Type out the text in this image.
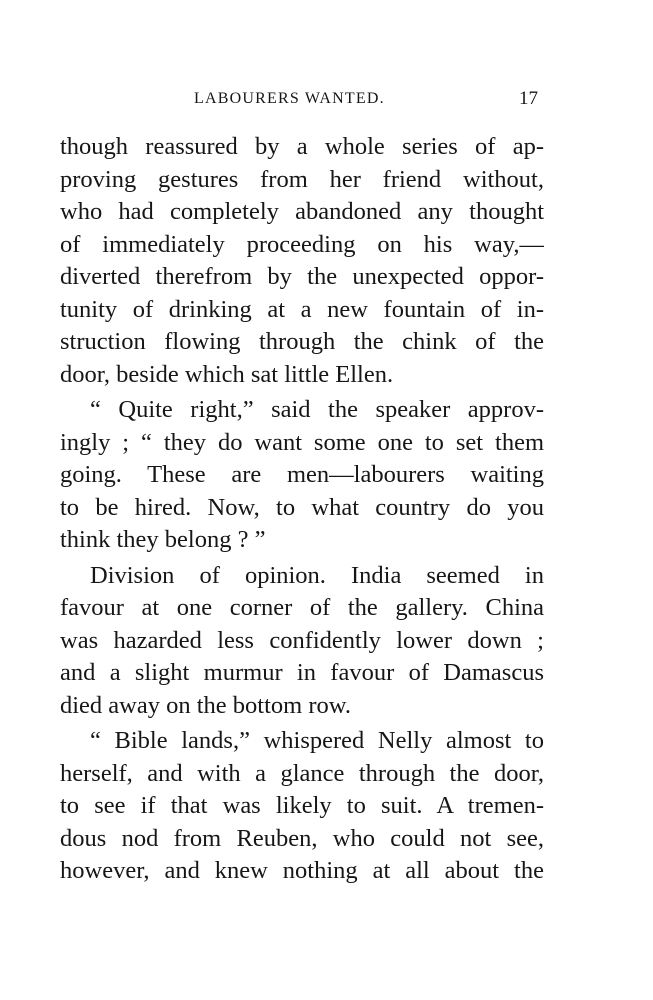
LABOURERS WANTED.	17

though reassured by a whole series of ap-
proving gestures from her friend without,
who had completely abandoned any thought
of immediately proceeding on his way,—
diverted therefrom by the unexpected oppor-
tunity of drinking at a new fountain of in-
struction flowing through the chink of the
door, beside which sat little Ellen.

“ Quite right,” said the speaker approv-
ingly ; “ they do want some one to set them
going. These are men—labourers waiting
to be hired. Now, to what country do you
think they belong ? ”

Division of opinion. India seemed in
favour at one corner of the gallery. China
was hazarded less confidently lower down ;
and a slight murmur in favour of Damascus
died away on the bottom row.

“ Bible lands,” whispered Nelly almost to
herself, and with a glance through the door,
to see if that was likely to suit. A tremen-
dous nod from Reuben, who could not see,
however, and knew nothing at all about the
